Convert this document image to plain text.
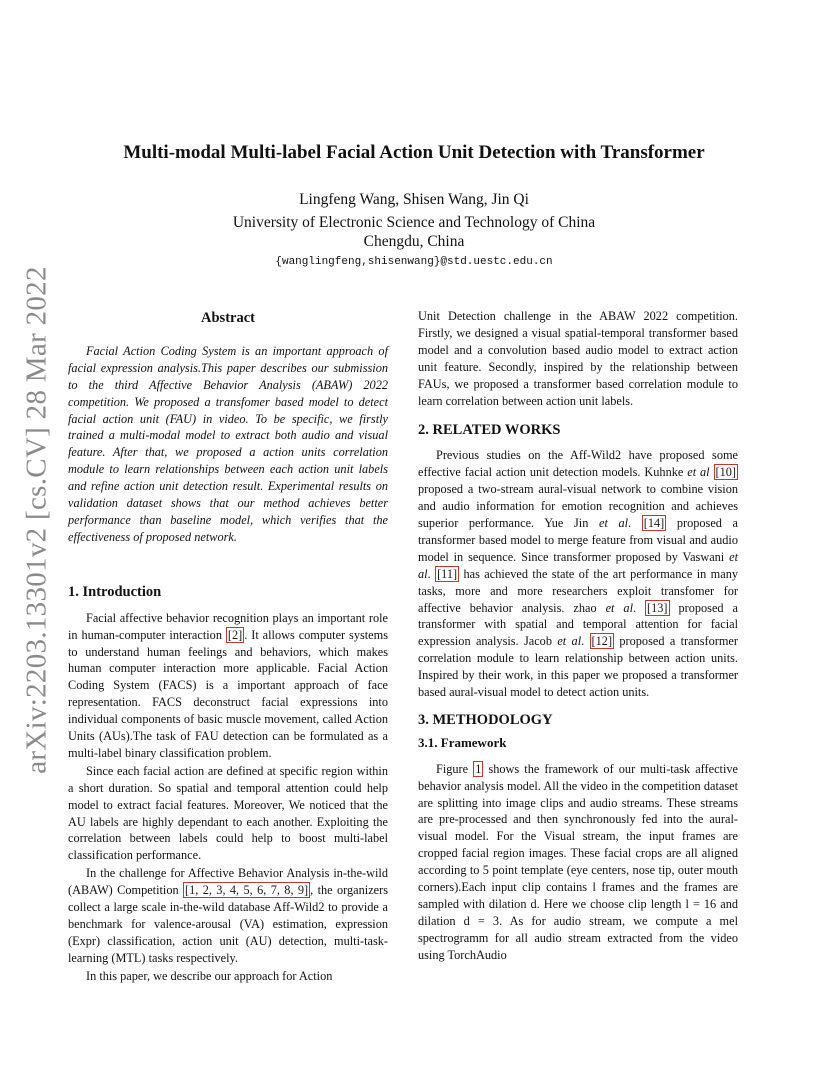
arXiv:2203.13301v2 [cs.CV] 28 Mar 2022
Multi-modal Multi-label Facial Action Unit Detection with Transformer
Lingfeng Wang, Shisen Wang, Jin Qi
University of Electronic Science and Technology of China
Chengdu, China
{wanglingfeng,shisenwang}@std.uestc.edu.cn
Abstract

Facial Action Coding System is an important approach of facial expression analysis.This paper describes our submission to the third Affective Behavior Analysis (ABAW) 2022 competition. We proposed a transfomer based model to detect facial action unit (FAU) in video. To be specific, we firstly trained a multi-modal model to extract both audio and visual feature. After that, we proposed a action units correlation module to learn relationships between each action unit labels and refine action unit detection result. Experimental results on validation dataset shows that our method achieves better performance than baseline model, which verifies that the effectiveness of proposed network.

1. Introduction

Facial affective behavior recognition plays an important role in human-computer interaction [2] . It allows computer systems to understand human feelings and behaviors, which makes human computer interaction more applicable. Facial Action Coding System (FACS) is a important approach of face representation. FACS deconstruct facial expressions into individual components of basic muscle movement, called Action Units (AUs).The task of FAU detection can be formulated as a multi-label binary classification problem.

Since each facial action are defined at specific region within a short duration. So spatial and temporal attention could help model to extract facial features. Moreover, We noticed that the AU labels are highly dependant to each another. Exploiting the correlation between labels could help to boost multi-label classification performance.

In the challenge for Affective Behavior Analysis in-the-wild (ABAW) Competition [1, 2, 3, 4, 5, 6, 7, 8, 9] , the organizers collect a large scale in-the-wild database Aff-Wild2 to provide a benchmark for valence-arousal (VA) estimation, expression (Expr) classification, action unit (AU) detection, multi-task-learning (MTL) tasks respectively.

In this paper, we describe our approach for Action

Unit Detection challenge in the ABAW 2022 competition. Firstly, we designed a visual spatial-temporal transformer based model and a convolution based audio model to extract action unit feature. Secondly, inspired by the relationship between FAUs, we proposed a transformer based correlation module to learn correlation between action unit labels.

2. RELATED WORKS

Previous studies on the Aff-Wild2 have proposed some effective facial action unit detection models. Kuhnke et al [10] proposed a two-stream aural-visual network to combine vision and audio information for emotion recognition and achieves superior performance. Yue Jin et al. [14] proposed a transformer based model to merge feature from visual and audio model in sequence. Since transformer proposed by Vaswani et al. [11] has achieved the state of the art performance in many tasks, more and more researchers exploit transfomer for affective behavior analysis. zhao et al. [13] proposed a transformer with spatial and temporal attention for facial expression analysis. Jacob et al. [12] proposed a transformer correlation module to learn relationship between action units. Inspired by their work, in this paper we proposed a transformer based aural-visual model to detect action units.

3. METHODOLOGY
3.1. Framework

Figure 1 shows the framework of our multi-task affective behavior analysis model. All the video in the competition dataset are splitting into image clips and audio streams. These streams are pre-processed and then synchronously fed into the aural-visual model. For the Visual stream, the input frames are cropped facial region images. These facial crops are all aligned according to 5 point template (eye centers, nose tip, outer mouth corners).Each input clip contains l frames and the frames are sampled with dilation d. Here we choose clip length l = 16 and dilation d = 3. As for audio stream, we compute a mel spectrogramm for all audio stream extracted from the video using TorchAudio
